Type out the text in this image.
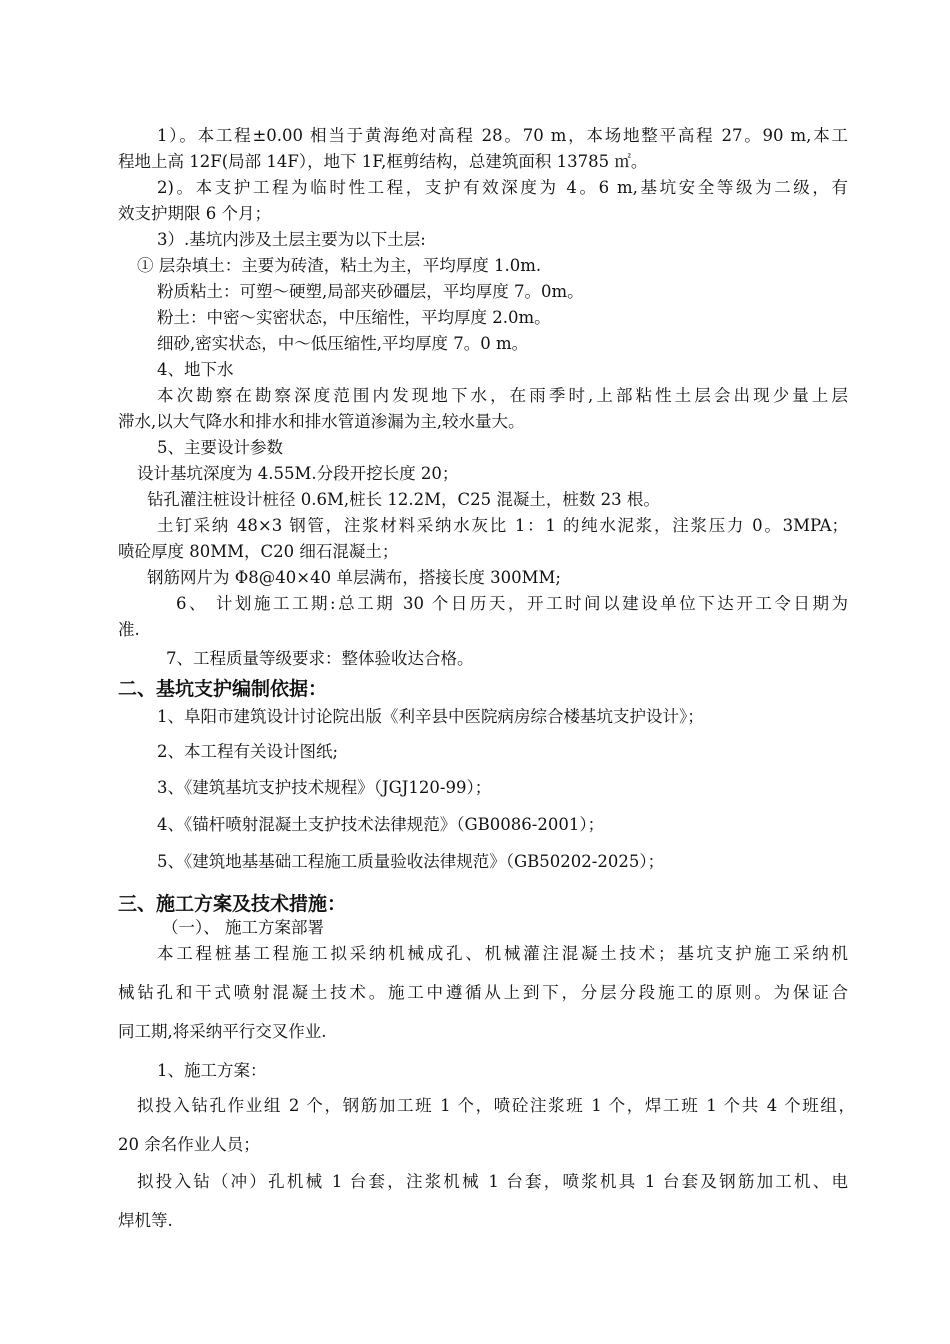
1）。本工程±0.00 相当于黄海绝对高程 28。70 m，本场地整平高程 27。90 m,本工
程地上高 12F(局部 14F），地下 1F,框剪结构，总建筑面积 13785 ㎡。
2)。本支护工程为临时性工程，支护有效深度为 4。6 m,基坑安全等级为二级，有
效支护期限 6 个月；
3）.基坑内涉及土层主要为以下土层:
① 层杂填土：主要为砖渣，粘土为主，平均厚度 1.0m.
粉质粘土：可塑～硬塑,局部夹砂礓层，平均厚度 7。0m。
粉土：中密～实密状态，中压缩性，平均厚度 2.0m。
细砂,密实状态，中～低压缩性,平均厚度 7。0 m。
4、地下水
本次勘察在勘察深度范围内发现地下水，在雨季时,上部粘性土层会出现少量上层
滞水,以大气降水和排水和排水管道渗漏为主,较水量大。
5、主要设计参数
设计基坑深度为 4.55M.分段开挖长度 20；
钻孔灌注桩设计桩径 0.6M,桩长 12.2M，C25 混凝土，桩数 23 根。
土钉采纳 48×3 钢管，注浆材料采纳水灰比 1：1 的纯水泥浆，注浆压力 0。3MPA；
喷砼厚度 80MM，C20 细石混凝土；
钢筋网片为 Φ8@40×40 单层满布，搭接长度 300MM;
6、 计划施工工期:总工期 30 个日历天，开工时间以建设单位下达开工令日期为
准.
7、工程质量等级要求：整体验收达合格。
二、基坑支护编制依据：
1、阜阳市建筑设计讨论院出版《利辛县中医院病房综合楼基坑支护设计》；
2、本工程有关设计图纸;
3、《建筑基坑支护技术规程》（JGJ120-99）；
4、《锚杆喷射混凝土支护技术法律规范》（GB0086-2001）；
5、《建筑地基基础工程施工质量验收法律规范》（GB50202-2025）；
三、施工方案及技术措施：
（一）、 施工方案部署
本工程桩基工程施工拟采纳机械成孔、机械灌注混凝土技术；基坑支护施工采纳机
械钻孔和干式喷射混凝土技术。施工中遵循从上到下，分层分段施工的原则。为保证合
同工期,将采纳平行交叉作业.
1、施工方案：
拟投入钻孔作业组 2 个，钢筋加工班 1 个，喷砼注浆班 1 个，焊工班 1 个共 4 个班组，
20 余名作业人员；
拟投入钻（冲）孔机械 1 台套，注浆机械 1 台套，喷浆机具 1 台套及钢筋加工机、电
焊机等.
